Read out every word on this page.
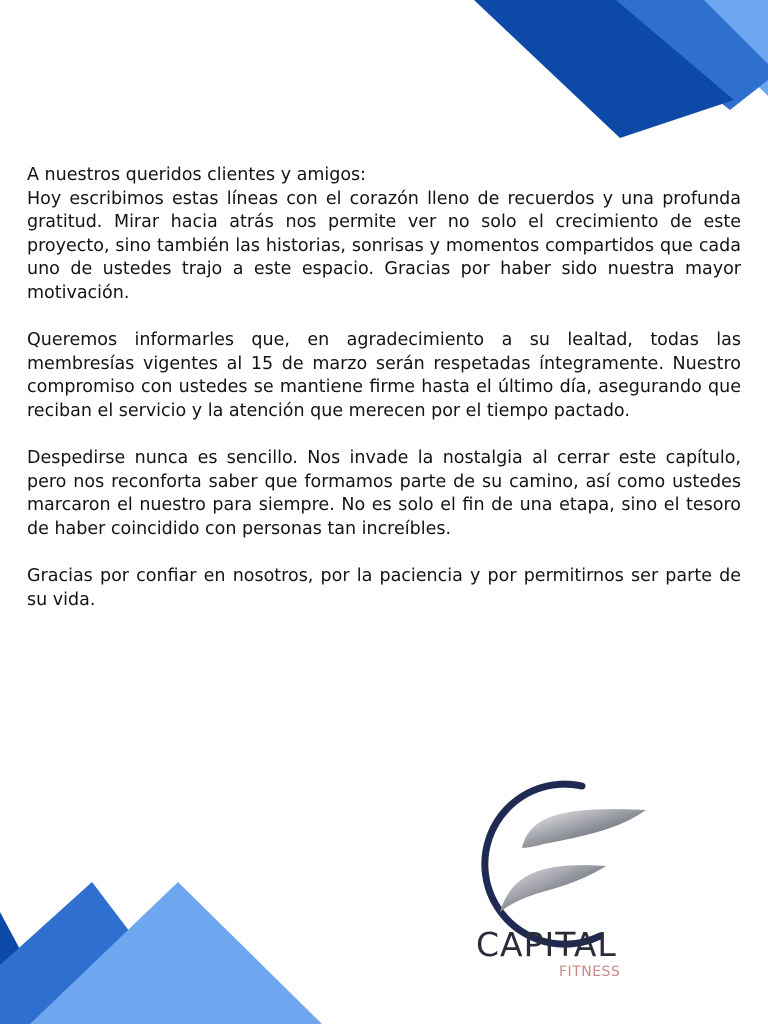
A nuestros queridos clientes y amigos:

Hoy escribimos estas líneas con el corazón lleno de recuerdos y una profunda gratitud. Mirar hacia atrás nos permite ver no solo el crecimiento de este proyecto, sino también las historias, sonrisas y momentos compartidos que cada uno de ustedes trajo a este espacio. Gracias por haber sido nuestra mayor motivación.

Queremos informarles que, en agradecimiento a su lealtad, todas las membresías vigentes al 15 de marzo serán respetadas íntegramente. Nuestro compromiso con ustedes se mantiene firme hasta el último día, asegurando que reciban el servicio y la atención que merecen por el tiempo pactado.

Despedirse nunca es sencillo. Nos invade la nostalgia al cerrar este capítulo, pero nos reconforta saber que formamos parte de su camino, así como ustedes marcaron el nuestro para siempre. No es solo el fin de una etapa, sino el tesoro de haber coincidido con personas tan increíbles.

Gracias por confiar en nosotros, por la paciencia y por permitirnos ser parte de su vida.

CAPITAL
FITNESS
